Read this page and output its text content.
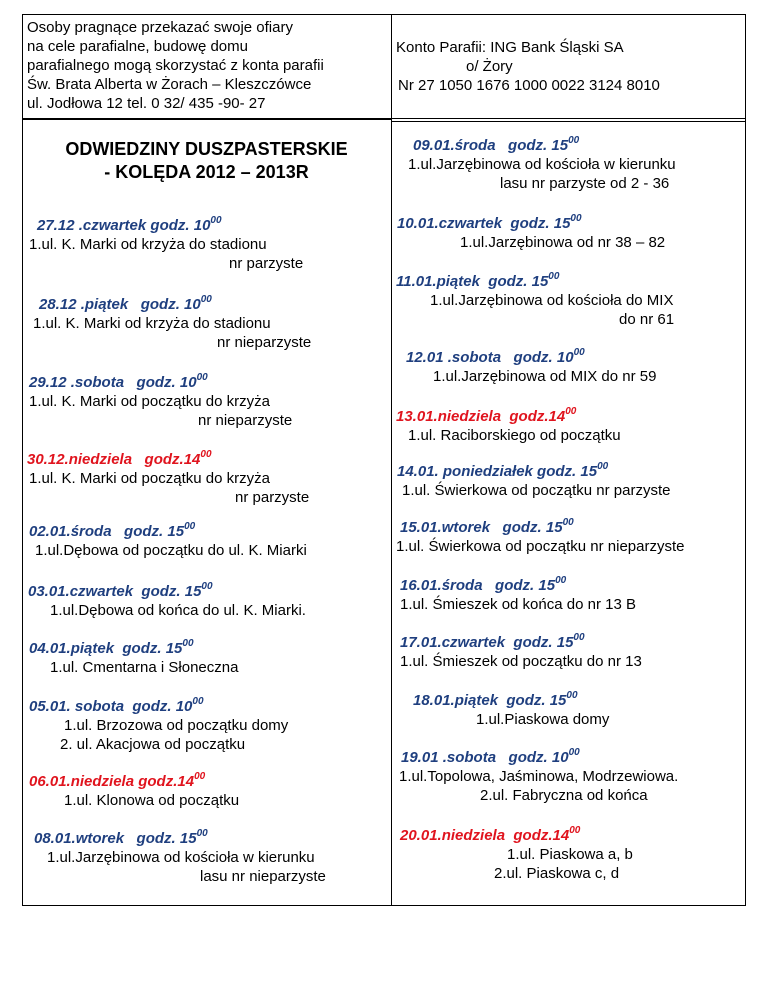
Osoby pragnące przekazać swoje ofiary
na cele parafialne, budowę domu
parafialnego mogą skorzystać z konta parafii
Św. Brata Alberta w Żorach – Kleszczówce
ul. Jodłowa 12 tel. 0 32/ 435 -90- 27
Konto Parafii: ING Bank Śląski SA
o/ Żory
Nr 27 1050 1676 1000 0022 3124 8010
ODWIEDZINY DUSZPASTERSKIE
- KOLĘDA 2012 – 2013R
27.12 .czwartek godz. $10^{00}$
1.ul. K. Marki od krzyża do stadionu
nr parzyste
28.12 .piątek   godz. $10^{00}$
1.ul. K. Marki od krzyża do stadionu
nr nieparzyste
29.12 .sobota   godz. $10^{00}$
1.ul. K. Marki od początku do krzyża
nr nieparzyste
30.12.niedziela   $godz.14^{00}$
1.ul. K. Marki od początku do krzyża
nr parzyste
02.01.środa   godz. $15^{00}$
1.ul.Dębowa od początku do ul. K. Miarki
03.01.czwartek  godz. $15^{00}$
1.ul.Dębowa od końca do ul. K. Miarki.
04.01.piątek  godz. $15^{00}$
1.ul. Cmentarna i Słoneczna
05.01. sobota  godz. $10^{00}$
1.ul. Brzozowa od początku domy
2. ul. Akacjowa od początku
06.01.niedziela $godz.14^{00}$
1.ul. Klonowa od początku
08.01.wtorek   godz. $15^{00}$
1.ul.Jarzębinowa od kościoła w kierunku
lasu nr nieparzyste
09.01.środa   godz. $15^{00}$
1.ul.Jarzębinowa od kościoła w kierunku
lasu nr parzyste od 2 - 36
10.01.czwartek  godz. $15^{00}$
1.ul.Jarzębinowa od nr 38 – 82
11.01.piątek  godz. $15^{00}$
1.ul.Jarzębinowa od kościoła do MIX
do nr 61
12.01 .sobota   godz. $10^{00}$
1.ul.Jarzębinowa od MIX do nr 59
13.01.niedziela  $godz.14^{00}$
1.ul. Raciborskiego od początku
14.01. poniedziałek godz. $15^{00}$
1.ul. Świerkowa od początku nr parzyste
15.01.wtorek   godz. $15^{00}$
1.ul. Świerkowa od początku nr nieparzyste
16.01.środa   godz. $15^{00}$
1.ul. Śmieszek od końca do nr 13 B
17.01.czwartek  godz. $15^{00}$
1.ul. Śmieszek od początku do nr 13
18.01.piątek  godz. $15^{00}$
1.ul.Piaskowa domy
19.01 .sobota   godz. $10^{00}$
1.ul.Topolowa, Jaśminowa, Modrzewiowa.
2.ul. Fabryczna od końca
20.01.niedziela  $godz.14^{00}$
1.ul. Piaskowa a, b
2.ul. Piaskowa c, d
